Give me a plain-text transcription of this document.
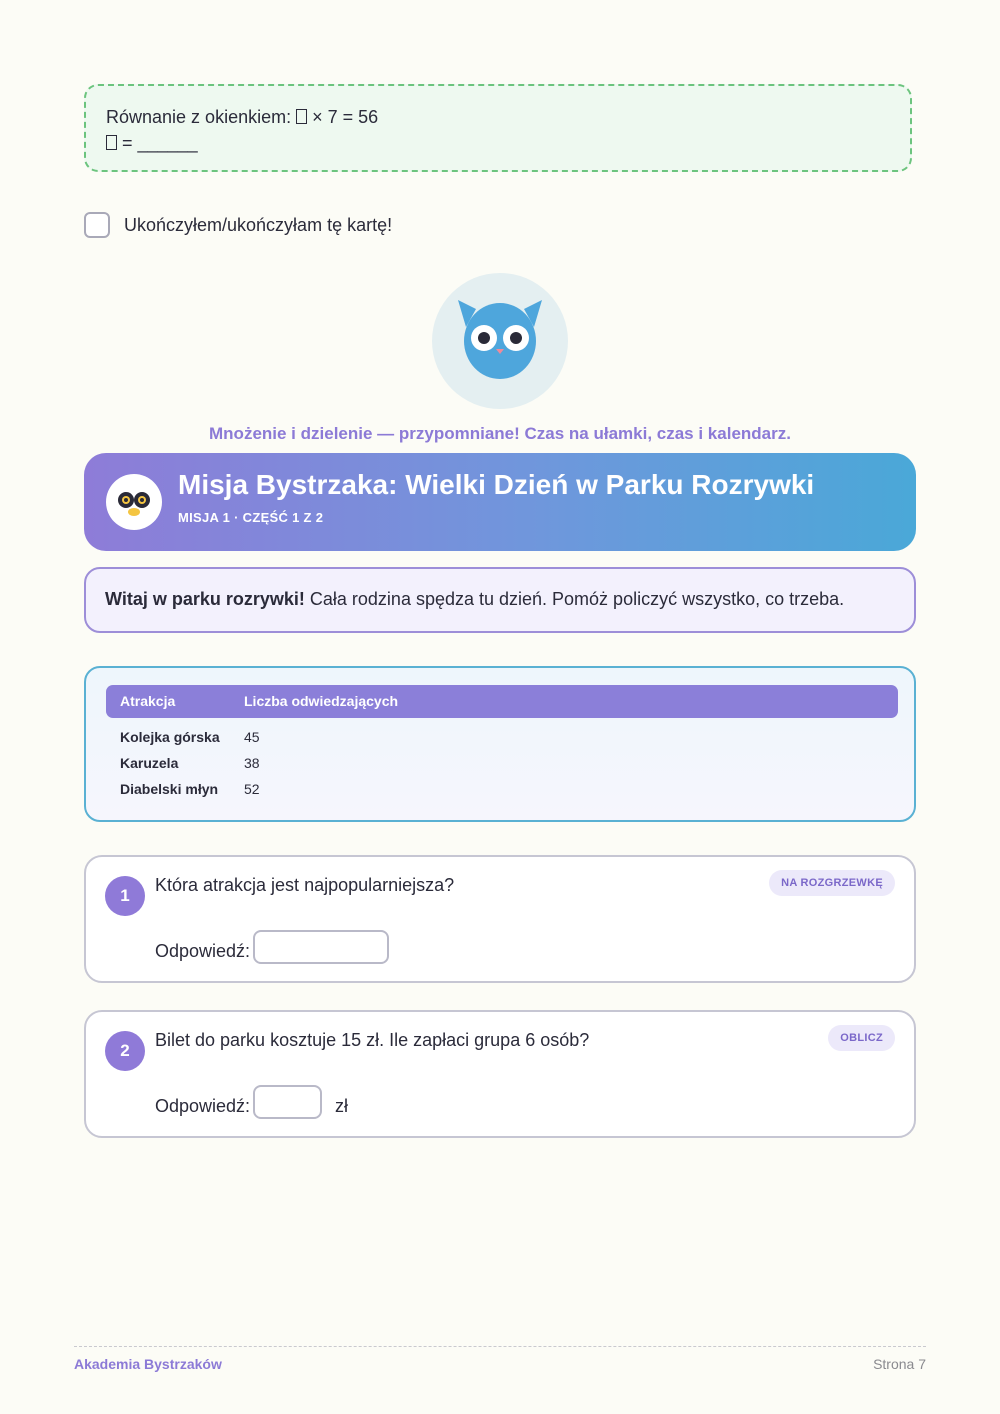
Równanie z okienkiem: × 7 = 56
= ______
Ukończyłem/ukończyłam tę kartę!
Mnożenie i dzielenie — przypomniane! Czas na ułamki, czas i kalendarz.
Misja Bystrzaka: Wielki Dzień w Parku Rozrywki
MISJA 1 · CZĘŚĆ 1 Z 2
Witaj w parku rozrywki! Cała rodzina spędza tu dzień. Pomóż policzyć wszystko, co trzeba.
Atrakcja	Liczba odwiedzających
Kolejka górska 45
Karuzela	38
Diabelski młyn 52
1
Która atrakcja jest najpopularniejsza?	NA ROZGRZEWKĘ
Odpowiedź:
2
Bilet do parku kosztuje 15 zł. Ile zapłaci grupa 6 osób?	OBLICZ
Odpowiedź:	zł
Akademia Bystrzaków	Strona 7
